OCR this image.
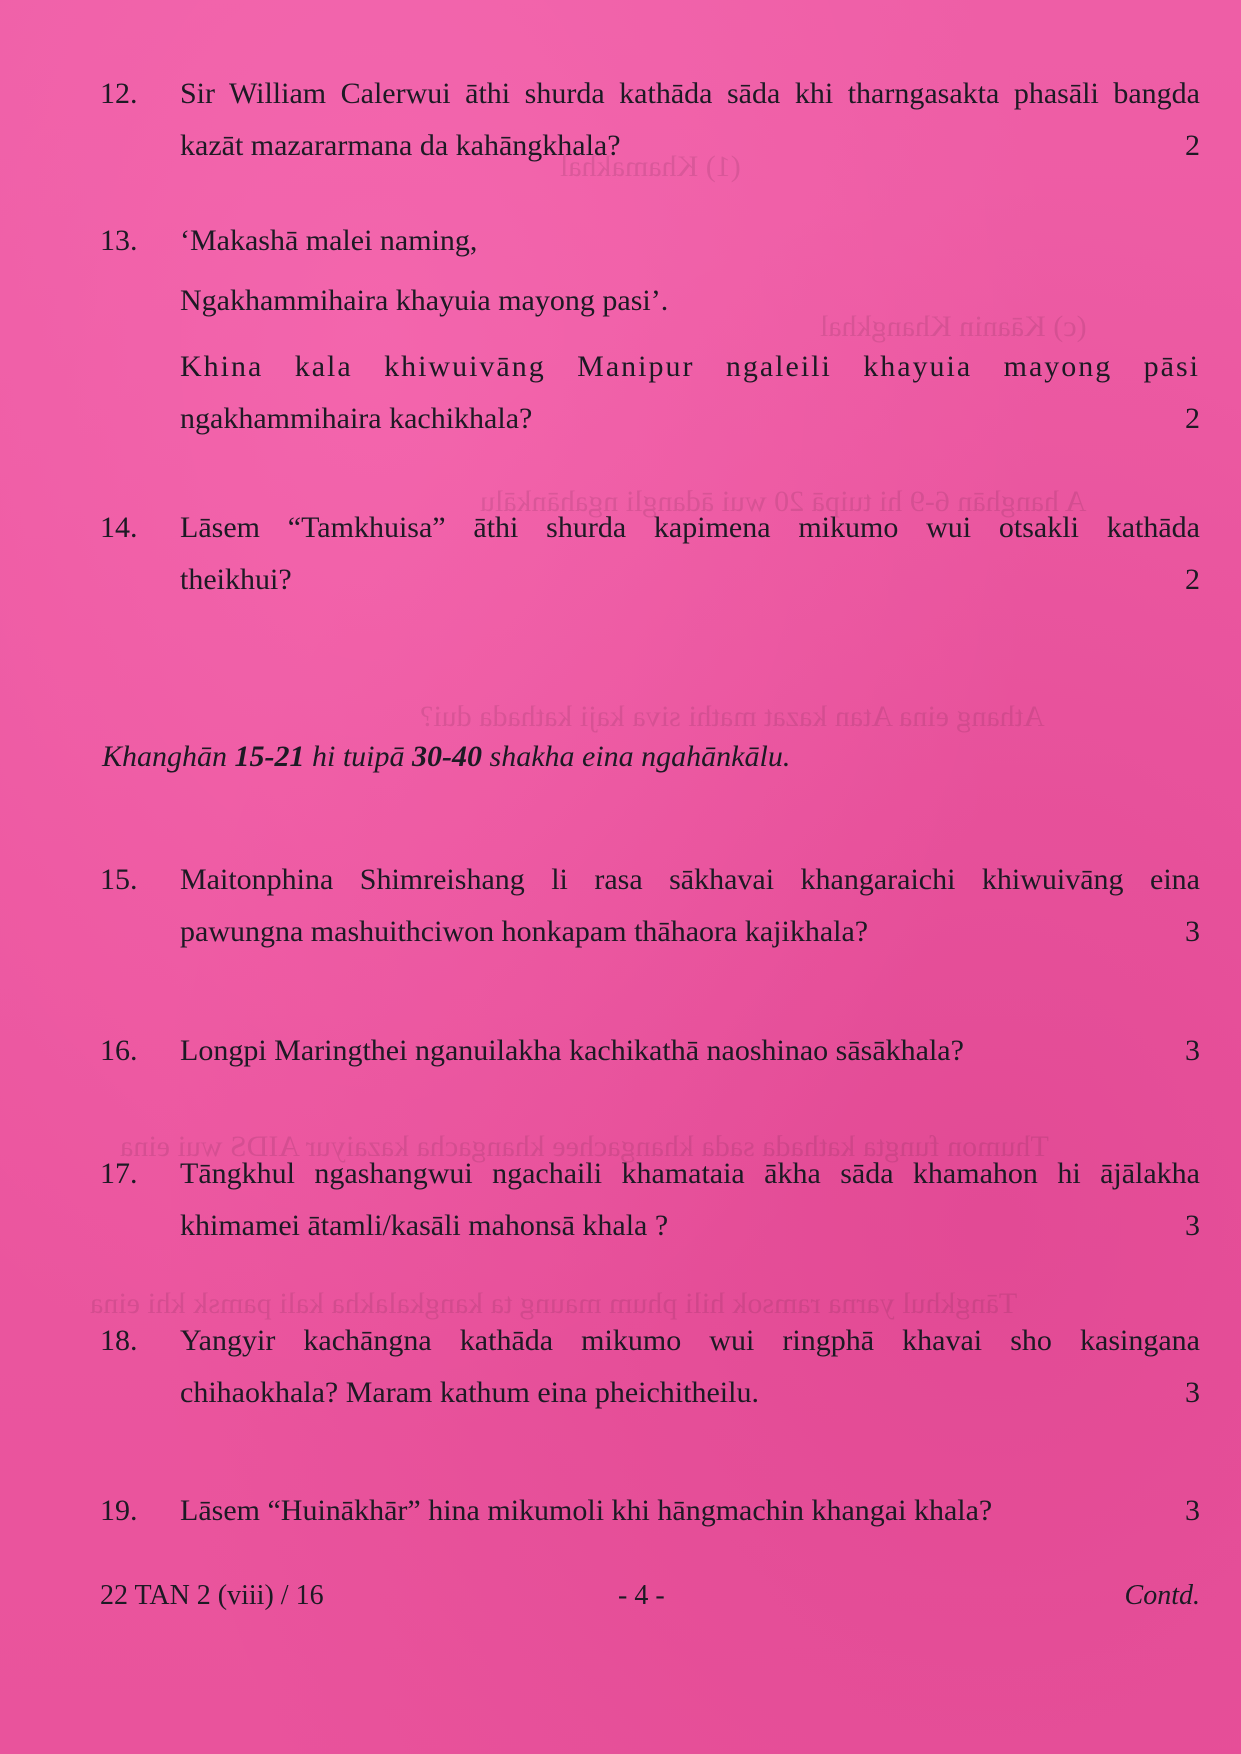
(1) Khamakhal
(c) Kāanin Khangkhal
A hanghān 6-9 hi tuipā 20 wui ādangli ngahānkālu
Athang eina Atan kazat mathi siva kaji kathada dui?
Thumon fungta kathada sada khangachee khangacha kazaiyur AIDS wui eina
Tāngkhul yarna ramsok hili phum maung ta kangkalakha kali pamsk khi eina
12.	Sir William Calerwui āthi shurda kathāda sāda khi tharngasakta phasāli bangda
kazāt mazararmana da kahāngkhala?	2
13.	‘Makashā malei naming,
Ngakhammihaira khayuia mayong pasi’.
Khina kala khiwuivāng Manipur ngaleili khayuia mayong pāsi
ngakhammihaira kachikhala?	2
14.	Lāsem “Tamkhuisa” āthi shurda kapimena mikumo wui otsakli kathāda
theikhui?	2
Khanghān 15-21 hi tuipā 30-40 shakha eina ngahānkālu.
15.	Maitonphina Shimreishang li rasa sākhavai khangaraichi khiwuivāng eina
pawungna mashuithciwon honkapam thāhaora kajikhala?	3
16.	Longpi Maringthei nganuilakha kachikathā naoshinao sāsākhala?	3
17.	Tāngkhul ngashangwui ngachaili khamataia ākha sāda khamahon hi ājālakha
khimamei ātamli/kasāli mahonsā khala ?	3
18.	Yangyir kachāngna kathāda mikumo wui ringphā khavai sho kasingana
chihaokhala? Maram kathum eina pheichitheilu.	3
19.	Lāsem “Huinākhār” hina mikumoli khi hāngmachin khangai khala?	3
22 TAN 2 (viii) / 16	- 4 -	Contd.
